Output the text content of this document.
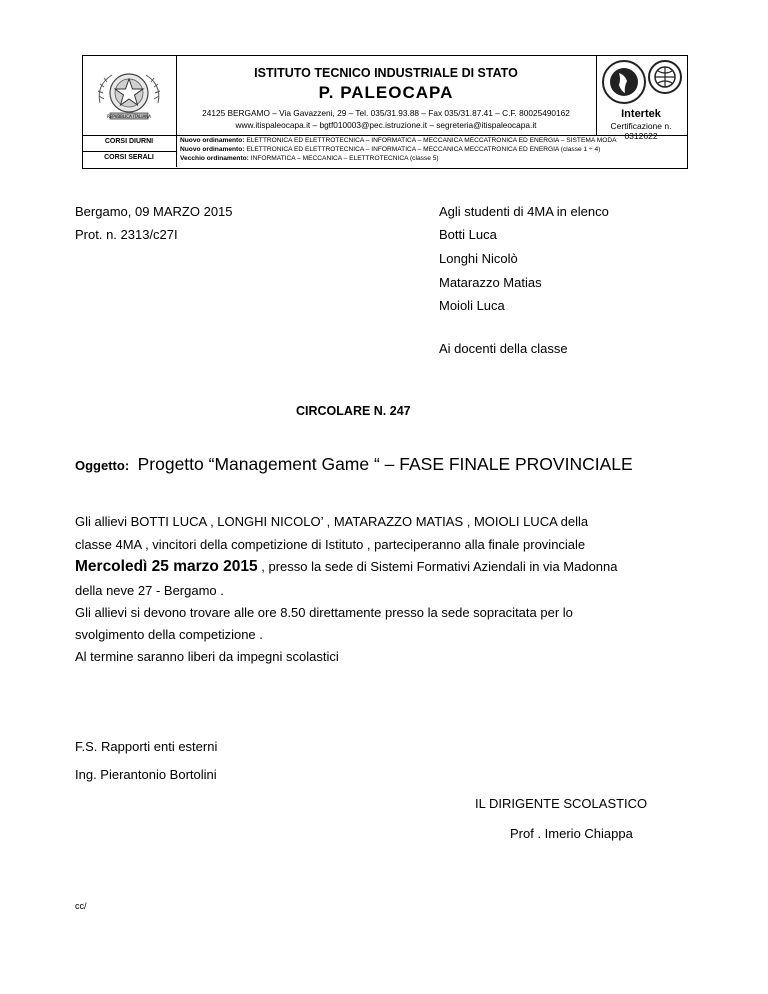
REPVBBLICA ITALIANA
ISTITUTO TECNICO INDUSTRIALE DI STATO
P. PALEOCAPA
24125 BERGAMO – Via Gavazzeni, 29 – Tel. 035/31.93.88 – Fax 035/31.87.41 – C.F. 80025490162
www.itispaleocapa.it – bgtf010003@pec.istruzione.it – segreteria@itispaleocapa.it
Intertek
Certificazione n. 0312622
CORSI DIURNI
CORSI SERALI
Nuovo ordinamento: ELETTRONICA ED ELETTROTECNICA – INFORMATICA – MECCANICA MECCATRONICA ED ENERGIA – SISTEMA MODA
Nuovo ordinamento: ELETTRONICA ED ELETTROTECNICA – INFORMATICA – MECCANICA MECCATRONICA ED ENERGIA (classe 1 ÷ 4)
Vecchio ordinamento: INFORMATICA – MECCANICA – ELETTROTECNICA (classe 5)
Bergamo, 09 MARZO 2015
Prot. n. 2313/c27I
Agli studenti di 4MA in elenco
Botti Luca
Longhi Nicolò
Matarazzo Matias
Moioli Luca
Ai docenti della classe
CIRCOLARE N. 247
Oggetto: Progetto “Management Game “ – FASE FINALE PROVINCIALE
Gli allievi BOTTI LUCA , LONGHI NICOLO’ , MATARAZZO MATIAS , MOIOLI LUCA della
classe 4MA , vincitori della competizione di Istituto , parteciperanno alla finale provinciale
Mercoledì 25 marzo 2015 , presso la sede di Sistemi Formativi Aziendali in via Madonna
della neve 27 - Bergamo .
Gli allievi si devono trovare alle ore 8.50 direttamente presso la sede sopracitata per lo
svolgimento della competizione .
Al termine saranno liberi da impegni scolastici
F.S. Rapporti enti esterni
Ing. Pierantonio Bortolini
IL DIRIGENTE SCOLASTICO
Prof . Imerio Chiappa
cc/
